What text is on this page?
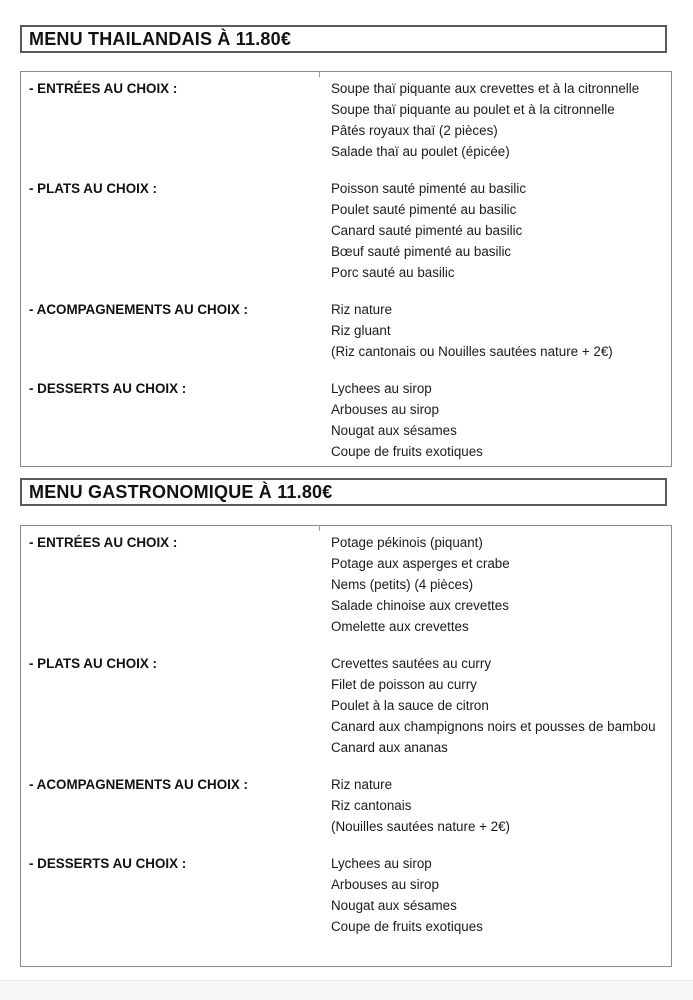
MENU THAILANDAIS À 11.80€
- ENTRÉES AU CHOIX :	Soupe thaï piquante aux crevettes et à la citronnelle
Soupe thaï piquante au poulet et à la citronnelle
Pâtés royaux thaï (2 pièces)
Salade thaï au poulet (épicée)
- PLATS AU CHOIX :	Poisson sauté pimenté au basilic
Poulet sauté pimenté au basilic
Canard sauté pimenté au basilic
Bœuf sauté pimenté au basilic
Porc sauté au basilic
- ACOMPAGNEMENTS AU CHOIX :	Riz nature
Riz gluant
(Riz cantonais ou Nouilles sautées nature + 2€)
- DESSERTS AU CHOIX :	Lychees au sirop
Arbouses au sirop
Nougat aux sésames
Coupe de fruits exotiques
MENU GASTRONOMIQUE À 11.80€
- ENTRÉES AU CHOIX :	Potage pékinois (piquant)
Potage aux asperges et crabe
Nems (petits) (4 pièces)
Salade chinoise aux crevettes
Omelette aux crevettes
- PLATS AU CHOIX :	Crevettes sautées au curry
Filet de poisson au curry
Poulet à la sauce de citron
Canard aux champignons noirs et pousses de bambou
Canard aux ananas
- ACOMPAGNEMENTS AU CHOIX :	Riz nature
Riz cantonais
(Nouilles sautées nature + 2€)
- DESSERTS AU CHOIX :	Lychees au sirop
Arbouses au sirop
Nougat aux sésames
Coupe de fruits exotiques
